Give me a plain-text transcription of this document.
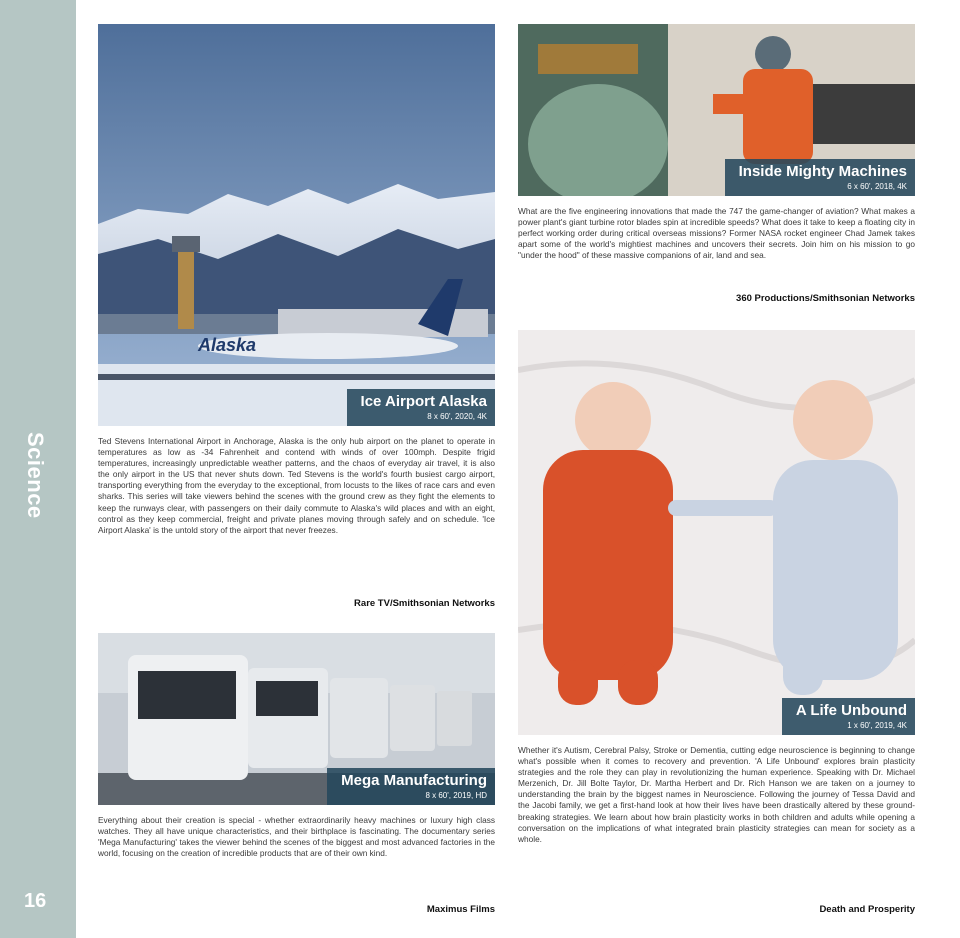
Science
16
Alaska
Ice Airport Alaska
8 x 60', 2020, 4K
Ted Stevens International Airport in Anchorage, Alaska is the only hub airport on the planet to operate in temperatures as low as -34 Fahrenheit and contend with winds of over 100mph. Despite frigid temperatures, increasingly unpredictable weather patterns, and the chaos of everyday air travel, it is also the only airport in the US that never shuts down. Ted Stevens is the world's fourth busiest cargo airport, transporting everything from the everyday to the exceptional, from locusts to the likes of race cars and even sharks. This series will take viewers behind the scenes with the ground crew as they fight the elements to keep the runways clear, with passengers on their daily commute to Alaska's wild places and with an eight, control as they keep commercial, freight and private planes moving through safely and on schedule. 'Ice Airport Alaska' is the untold story of the airport that never freezes.
Rare TV/Smithsonian Networks
Inside Mighty Machines
6 x 60', 2018, 4K
What are the five engineering innovations that made the 747 the game-changer of aviation? What makes a power plant's giant turbine rotor blades spin at incredible speeds? What does it take to keep a floating city in perfect working order during critical overseas missions? Former NASA rocket engineer Chad Jamek takes apart some of the world's mightiest machines and uncovers their secrets. Join him on his mission to go "under the hood" of these massive companions of air, land and sea.
360 Productions/Smithsonian Networks
Mega Manufacturing
8 x 60', 2019, HD
Everything about their creation is special - whether extraordinarily heavy machines or luxury high class watches. They all have unique characteristics, and their birthplace is fascinating. The documentary series 'Mega Manufacturing' takes the viewer behind the scenes of the biggest and most advanced factories in the world, focusing on the creation of incredible products that are of their own kind.
Maximus Films
A Life Unbound
1 x 60', 2019, 4K
Whether it's Autism, Cerebral Palsy, Stroke or Dementia, cutting edge neuroscience is beginning to change what's possible when it comes to recovery and prevention. 'A Life Unbound' explores brain plasticity strategies and the role they can play in revolutionizing the human experience. Speaking with Dr. Michael Merzenich, Dr. Jill Bolte Taylor, Dr. Martha Herbert and Dr. Rich Hanson we are taken on a journey to understanding the brain by the biggest names in Neuroscience. Following the journey of Tessa David and the Jacobi family, we get a first-hand look at how their lives have been drastically altered by these ground-breaking strategies. We learn about how brain plasticity works in both children and adults while opening a conversation on the implications of what integrated brain plasticity strategies can mean for society as a whole.
Death and Prosperity
